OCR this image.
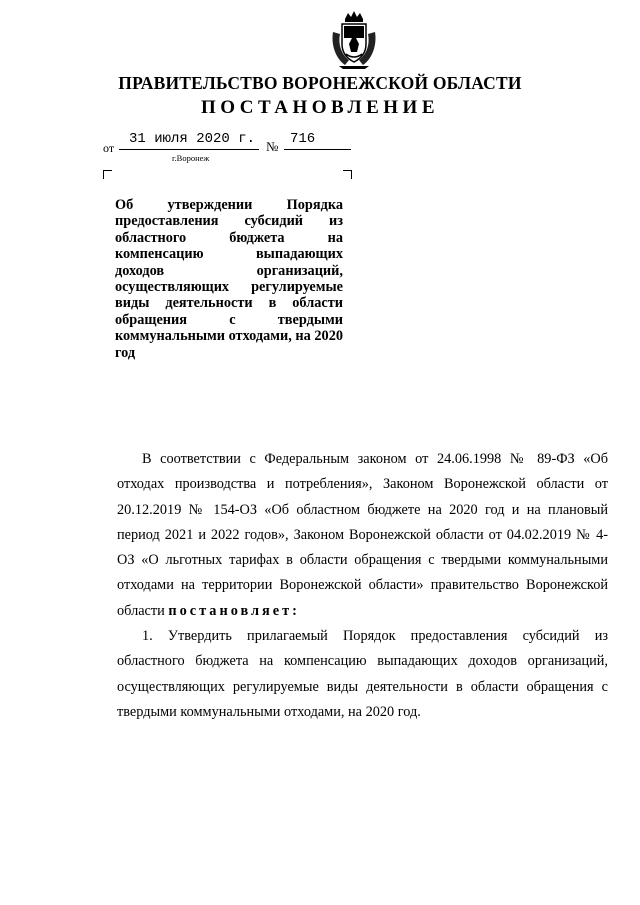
ПРАВИТЕЛЬСТВО ВОРОНЕЖСКОЙ ОБЛАСТИ
ПОСТАНОВЛЕНИЕ
от
31 июля 2020 г. № 716
г.Воронеж
Об утверждении Порядка предоставления субсидий из областного бюджета на компенсацию выпадающих доходов организаций, осуществляющих регулируемые виды деятельности в области обращения с твердыми коммунальными отходами, на 2020 год

В соответствии с Федеральным законом от 24.06.1998 № 89-ФЗ «Об отходах производства и потребления», Законом Воронежской области от 20.12.2019 № 154-ОЗ «Об областном бюджете на 2020 год и на плановый период 2021 и 2022 годов», Законом Воронежской области от 04.02.2019 № 4-ОЗ «О льготных тарифах в области обращения с твердыми коммунальными отходами на территории Воронежской области» правительство Воронежской области постановляет:

1. Утвердить прилагаемый Порядок предоставления субсидий из областного бюджета на компенсацию выпадающих доходов организаций, осуществляющих регулируемые виды деятельности в области обращения с твердыми коммунальными отходами, на 2020 год.
